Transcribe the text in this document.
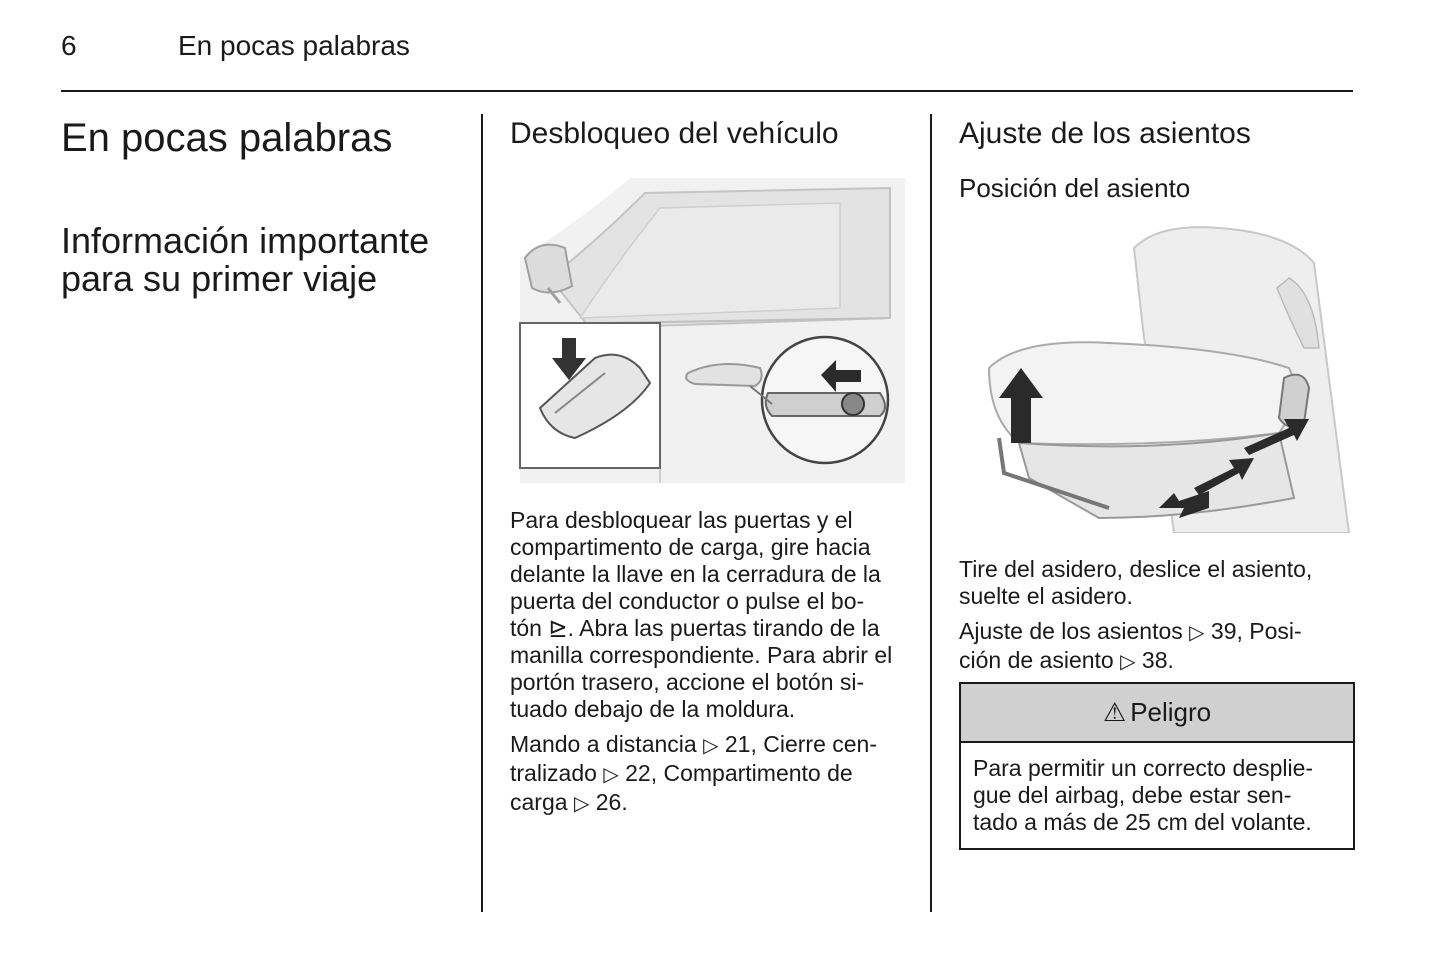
6	En pocas palabras
En pocas palabras
Información importante
para su primer viaje
Desbloqueo del vehículo
Para desbloquear las puertas y el
compartimento de carga, gire hacia
delante la llave en la cerradura de la
puerta del conductor o pulse el bo-
tón ⊵. Abra las puertas tirando de la
manilla correspondiente. Para abrir el
portón trasero, accione el botón si-
tuado debajo de la moldura.
Mando a distancia ▷ 21, Cierre cen-
tralizado ▷ 22, Compartimento de
carga ▷ 26.
Ajuste de los asientos
Posición del asiento
Tire del asidero, deslice el asiento,
suelte el asidero.
Ajuste de los asientos ▷ 39, Posi-
ción de asiento ▷ 38.
⚠ Peligro
Para permitir un correcto desplie-
gue del airbag, debe estar sen-
tado a más de 25 cm del volante.
